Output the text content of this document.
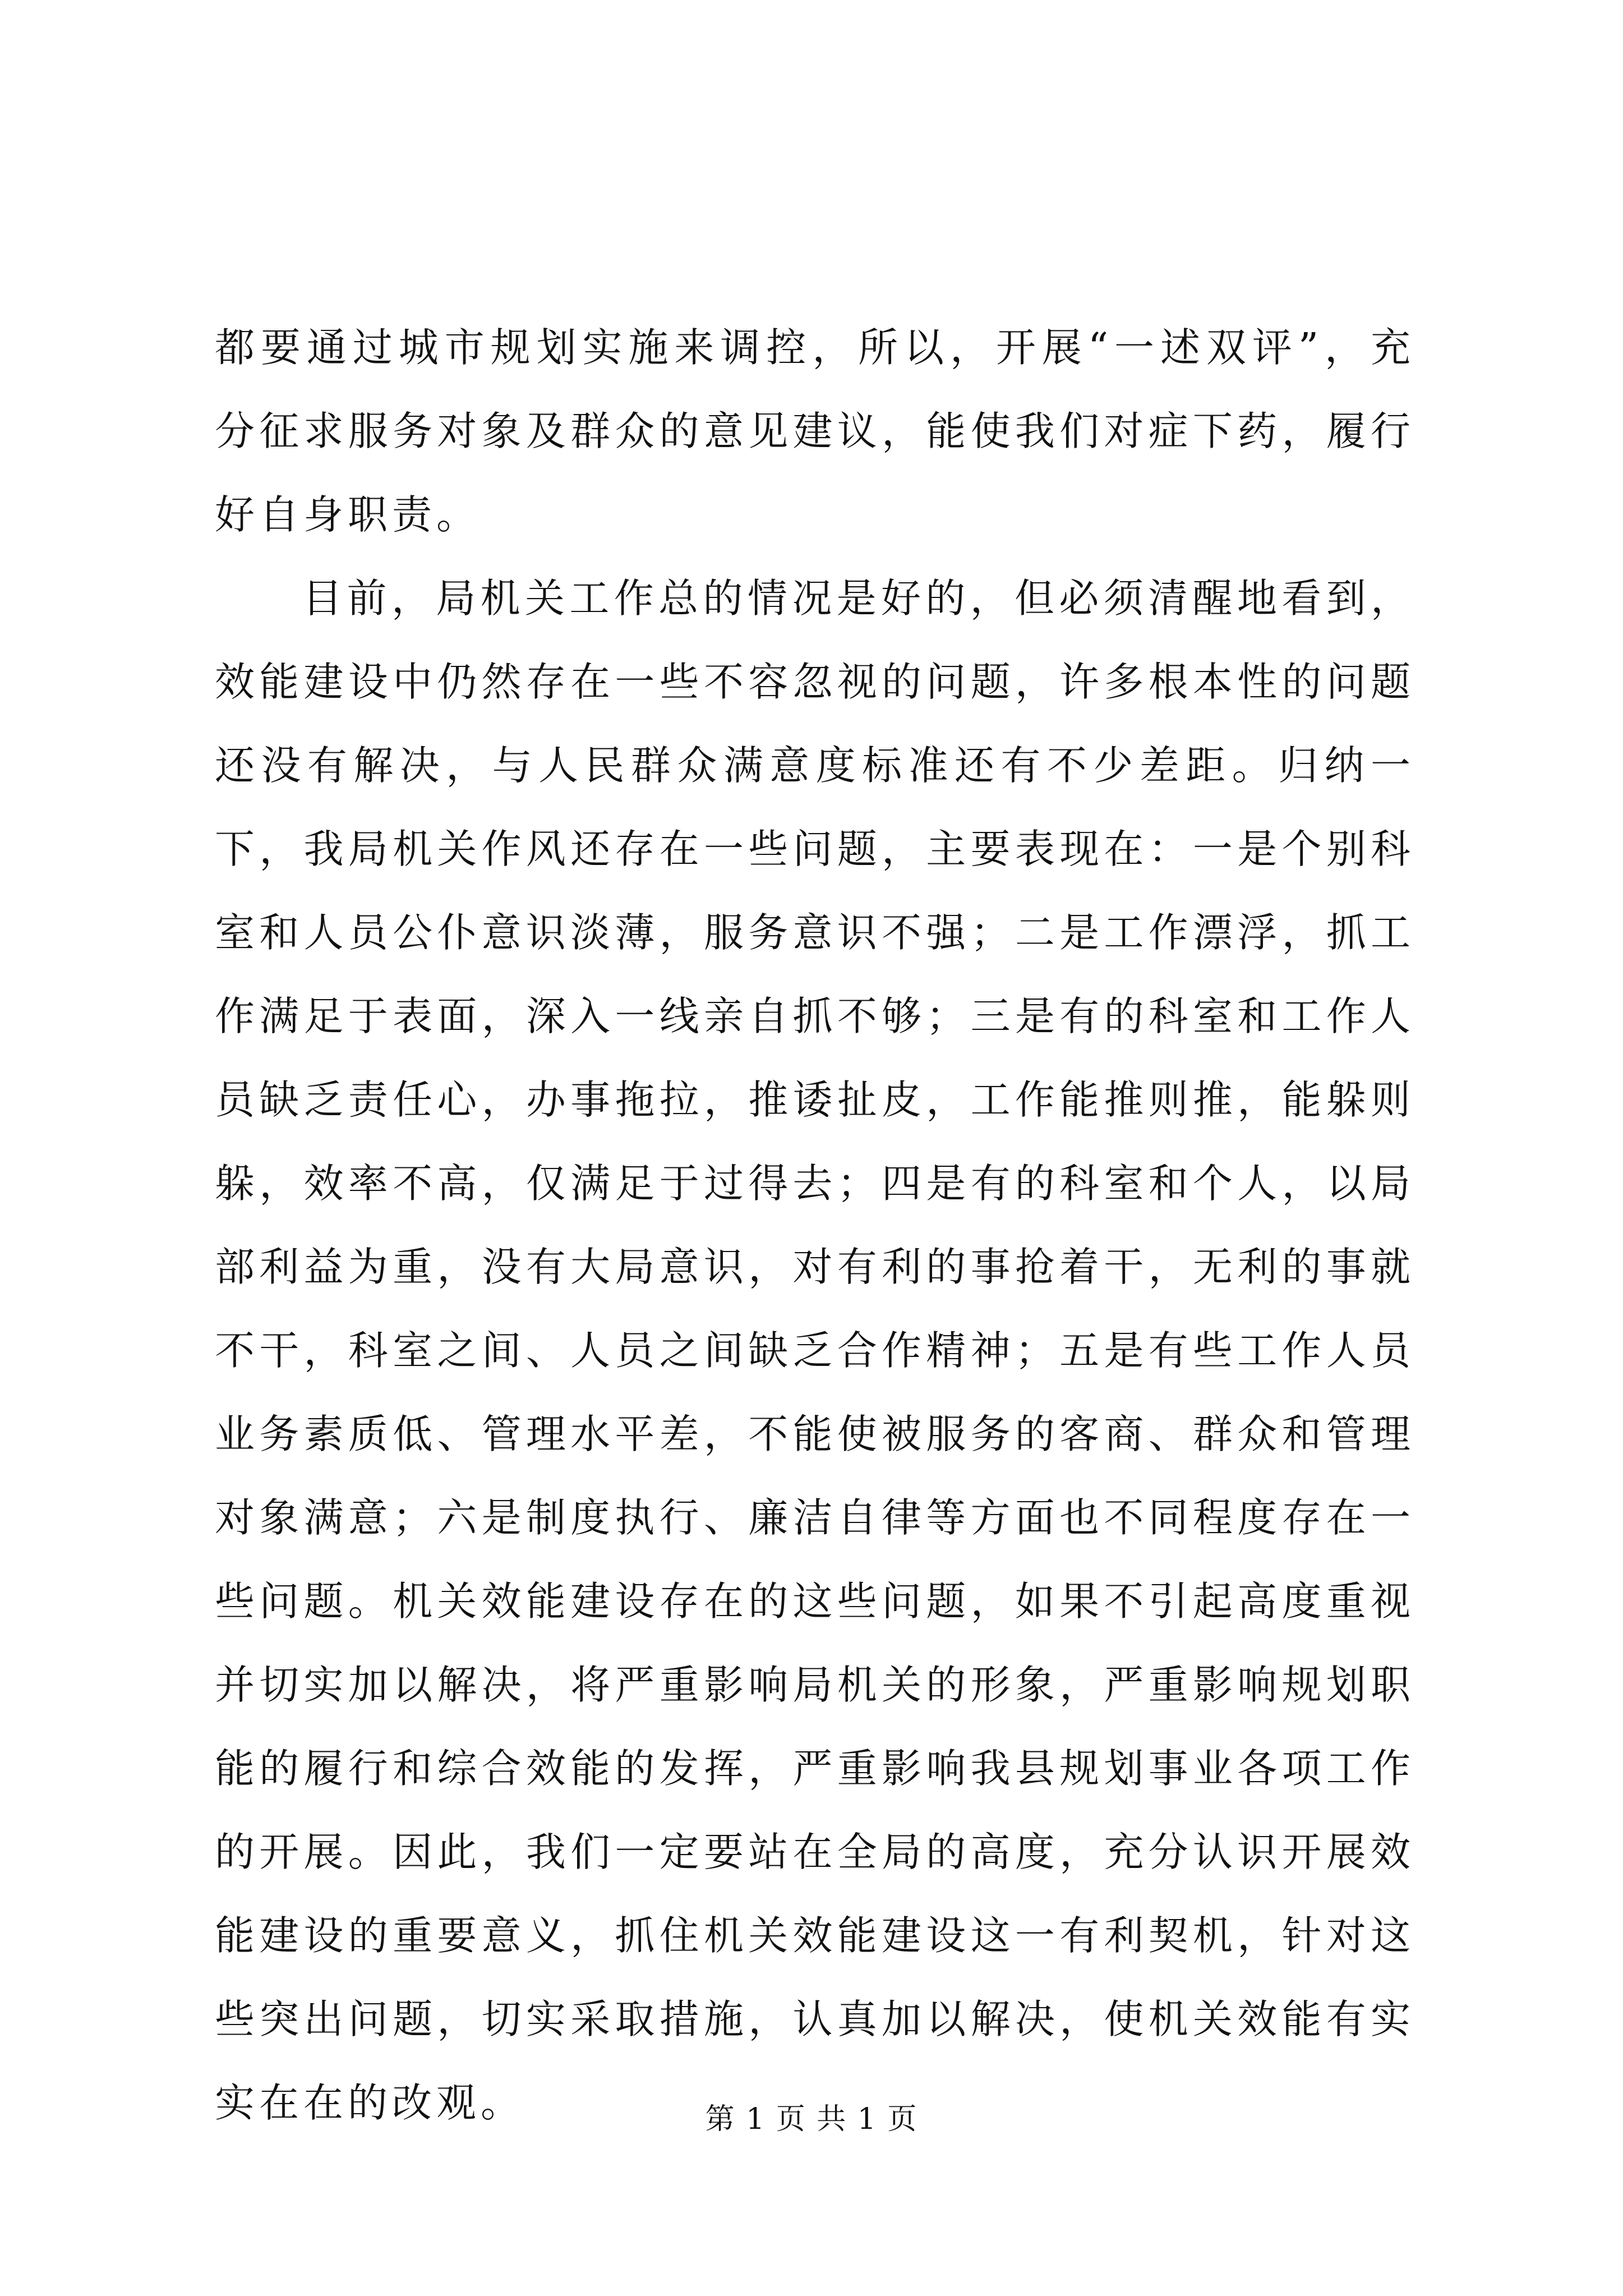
都要通过城市规划实施来调控，所以，开展“一述双评”，充分征求服务对象及群众的意见建议，能使我们对症下药，履行好自身职责。

目前，局机关工作总的情况是好的，但必须清醒地看到，效能建设中仍然存在一些不容忽视的问题，许多根本性的问题还没有解决，与人民群众满意度标准还有不少差距。归纳一下，我局机关作风还存在一些问题，主要表现在：一是个别科室和人员公仆意识淡薄，服务意识不强；二是工作漂浮，抓工作满足于表面，深入一线亲自抓不够；三是有的科室和工作人员缺乏责任心，办事拖拉，推诿扯皮，工作能推则推，能躲则躲，效率不高，仅满足于过得去；四是有的科室和个人，以局部利益为重，没有大局意识，对有利的事抢着干，无利的事就不干，科室之间、人员之间缺乏合作精神；五是有些工作人员业务素质低、管理水平差，不能使被服务的客商、群众和管理对象满意；六是制度执行、廉洁自律等方面也不同程度存在一些问题。机关效能建设存在的这些问题，如果不引起高度重视并切实加以解决，将严重影响局机关的形象，严重影响规划职能的履行和综合效能的发挥，严重影响我县规划事业各项工作的开展。因此，我们一定要站在全局的高度，充分认识开展效能建设的重要意义，抓住机关效能建设这一有利契机，针对这些突出问题，切实采取措施，认真加以解决，使机关效能有实实在在的改观。	第 1 页 共 1 页
